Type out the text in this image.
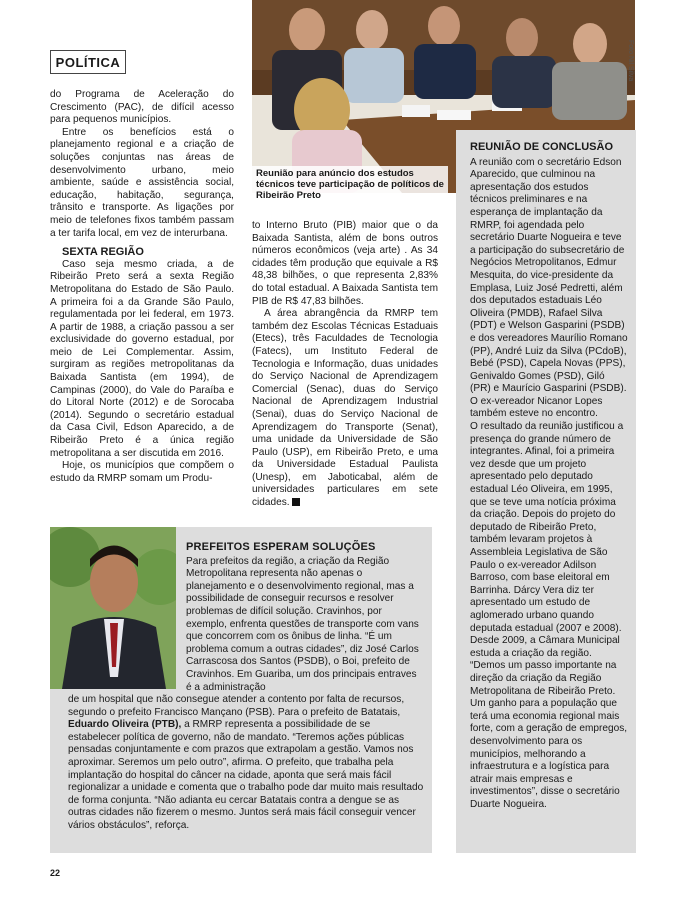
POLÍTICA
Reunião para anúncio dos estudos técnicos teve participação de políticos de Ribeirão Preto
Foto Nil Silva

do Programa de Aceleração do Crescimento (PAC), de difícil acesso para pequenos municípios.

Entre os benefícios está o planejamento regional e a criação de soluções conjuntas nas áreas de desenvolvimento urbano, meio ambiente, saúde e assistência social, educação, habitação, segurança, trânsito e transporte. As ligações por meio de telefones fixos também passam a ter tarifa local, em vez de interurbana.

SEXTA REGIÃO

Caso seja mesmo criada, a de Ribeirão Preto será a sexta Região Metropolitana do Estado de São Paulo. A primeira foi a da Grande São Paulo, regulamentada por lei federal, em 1973. A partir de 1988, a criação passou a ser exclusividade do governo estadual, por meio de Lei Complementar. Assim, surgiram as regiões metropolitanas da Baixada Santista (em 1994), de Campinas (2000), do Vale do Paraíba e do Litoral Norte (2012) e de Sorocaba (2014). Segundo o secretário estadual da Casa Civil, Edson Aparecido, a de Ribeirão Preto é a única região metropolitana a ser discutida em 2016.

Hoje, os municípios que compõem o estudo da RMRP somam um Produ-

to Interno Bruto (PIB) maior que o da Baixada Santista, além de bons outros números econômicos (veja arte) . As 34 cidades têm produção que equivale a R$ 48,38 bilhões, o que representa 2,83% do total estadual. A Baixada Santista tem PIB de R$ 47,83 bilhões.

A área abrangência da RMRP tem também dez Escolas Técnicas Estaduais (Etecs), três Faculdades de Tecnologia (Fatecs), um Instituto Federal de Tecnologia e Informação, duas unidades do Serviço Nacional de Aprendizagem Comercial (Senac), duas do Serviço Nacional de Aprendizagem Industrial (Senai), duas do Serviço Nacional de Aprendizagem do Transporte (Senat), uma unidade da Universidade de São Paulo (USP), em Ribeirão Preto, e uma da Universidade Estadual Paulista (Unesp), em Jaboticabal, além de universidades particulares em sete cidades. T

REUNIÃO DE CONCLUSÃO
A reunião com o secretário Edson Aparecido, que culminou na apresentação dos estudos técnicos preliminares e na esperança de implantação da RMRP, foi agendada pelo secretário Duarte Nogueira e teve a participação do subsecretário de Negócios Metropolitanos, Edmur Mesquita, do vice-presidente da Emplasa, Luiz José Pedretti, além dos deputados estaduais Léo Oliveira (PMDB), Rafael Silva (PDT) e Welson Gasparini (PSDB) e dos vereadores Maurílio Romano (PP), André Luiz da Silva (PCdoB), Bebé (PSD), Capela Novas (PPS), Genivaldo Gomes (PSD), Giló (PR) e Maurício Gasparini (PSDB). O ex-vereador Nicanor Lopes também esteve no encontro.
O resultado da reunião justificou a presença do grande número de integrantes. Afinal, foi a primeira vez desde que um projeto apresentado pelo deputado estadual Léo Oliveira, em 1995, que se teve uma notícia próxima da criação. Depois do projeto do deputado de Ribeirão Preto, também levaram projetos à Assembleia Legislativa de São Paulo o ex-vereador Adilson Barroso, com base eleitoral em Barrinha. Dárcy Vera diz ter apresentado um estudo de aglomerado urbano quando deputada estadual (2007 e 2008). Desde 2009, a Câmara Municipal estuda a criação da região.
“Demos um passo importante na direção da criação da Região Metropolitana de Ribeirão Preto. Um ganho para a população que terá uma economia regional mais forte, com a geração de empregos, desenvolvimento para os municípios, melhorando a infraestrutura e a logística para atrair mais empresas e investimentos”, disse o secretário Duarte Nogueira.
PREFEITOS ESPERAM SOLUÇÕES
Para prefeitos da região, a criação da Região Metropolitana representa não apenas o planejamento e o desenvolvimento regional, mas a possibilidade de conseguir recursos e resolver problemas de difícil solução. Cravinhos, por exemplo, enfrenta questões de transporte com vans que concorrem com os ônibus de linha. “É um problema comum a outras cidades”, diz José Carlos Carrascosa dos Santos (PSDB), o Boi, prefeito de Cravinhos. Em Guariba, um dos principais entraves é a administração
de um hospital que não consegue atender a contento por falta de recursos, segundo o prefeito Francisco Mançano (PSB). Para o prefeito de Batatais, Eduardo Oliveira (PTB), a RMRP representa a possibilidade de se estabelecer política de governo, não de mandato. “Teremos ações públicas pensadas conjuntamente e com prazos que extrapolam a gestão. Vamos nos aproximar. Seremos um pelo outro”, afirma. O prefeito, que trabalha pela implantação do hospital do câncer na cidade, aponta que será mais fácil regionalizar a unidade e comenta que o trabalho pode dar muito mais resultado de forma conjunta. “Não adianta eu cercar Batatais contra a dengue se as outras cidades não fizerem o mesmo. Juntos será mais fácil conseguir vencer vários obstáculos”, reforça.
22
